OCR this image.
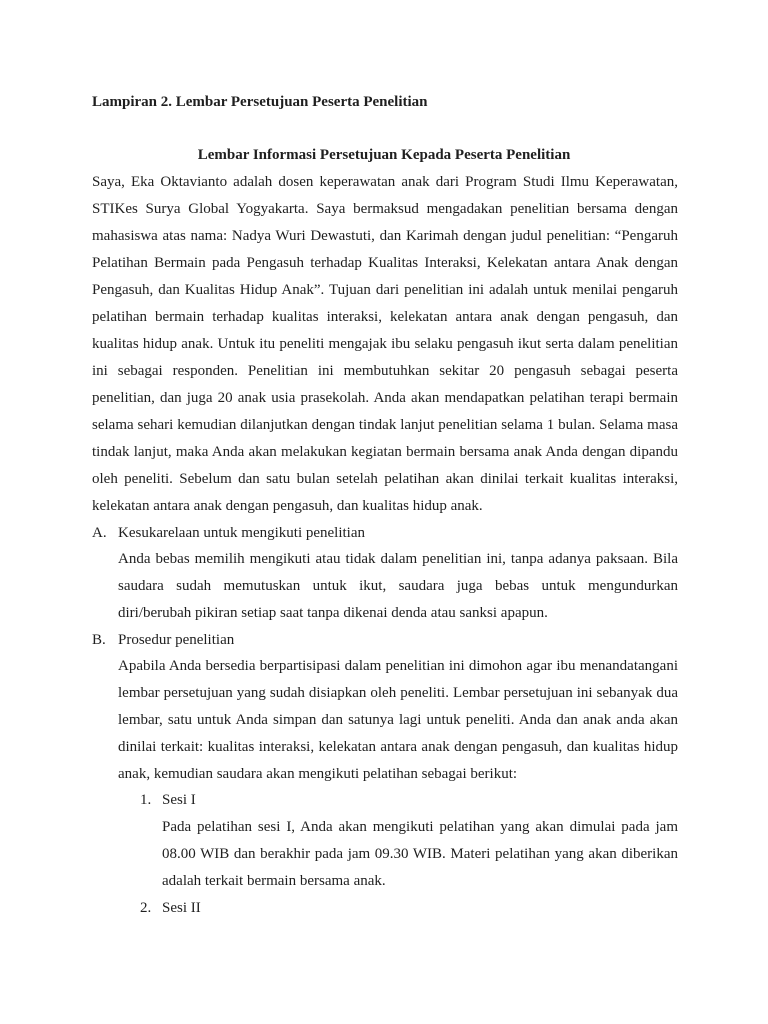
Lampiran 2. Lembar Persetujuan Peserta Penelitian
Lembar Informasi Persetujuan Kepada Peserta Penelitian
Saya, Eka Oktavianto adalah dosen keperawatan anak dari Program Studi Ilmu Keperawatan,
STIKes Surya Global Yogyakarta. Saya bermaksud mengadakan penelitian bersama dengan
mahasiswa atas nama: Nadya Wuri Dewastuti, dan Karimah dengan judul penelitian: “Pengaruh
Pelatihan Bermain pada Pengasuh terhadap Kualitas Interaksi, Kelekatan antara Anak dengan
Pengasuh, dan Kualitas Hidup Anak”. Tujuan dari penelitian ini adalah untuk menilai pengaruh
pelatihan bermain terhadap kualitas interaksi, kelekatan antara anak dengan pengasuh, dan
kualitas hidup anak. Untuk itu peneliti mengajak ibu selaku pengasuh ikut serta dalam penelitian
ini sebagai responden. Penelitian ini membutuhkan sekitar 20 pengasuh sebagai peserta
penelitian, dan juga 20 anak usia prasekolah. Anda akan mendapatkan pelatihan terapi bermain
selama sehari kemudian dilanjutkan dengan tindak lanjut penelitian selama 1 bulan. Selama masa
tindak lanjut, maka Anda akan melakukan kegiatan bermain bersama anak Anda dengan dipandu
oleh peneliti. Sebelum dan satu bulan setelah pelatihan akan dinilai terkait kualitas interaksi,
kelekatan antara anak dengan pengasuh, dan kualitas hidup anak.
A. Kesukarelaan untuk mengikuti penelitian
Anda bebas memilih mengikuti atau tidak dalam penelitian ini, tanpa adanya paksaan. Bila
saudara sudah memutuskan untuk ikut, saudara juga bebas untuk mengundurkan
diri/berubah pikiran setiap saat tanpa dikenai denda atau sanksi apapun.
B. Prosedur penelitian
Apabila Anda bersedia berpartisipasi dalam penelitian ini dimohon agar ibu menandatangani
lembar persetujuan yang sudah disiapkan oleh peneliti. Lembar persetujuan ini sebanyak dua
lembar, satu untuk Anda simpan dan satunya lagi untuk peneliti. Anda dan anak anda akan
dinilai terkait: kualitas interaksi, kelekatan antara anak dengan pengasuh, dan kualitas hidup
anak, kemudian saudara akan mengikuti pelatihan sebagai berikut:
1. Sesi I
Pada pelatihan sesi I, Anda akan mengikuti pelatihan yang akan dimulai pada jam
08.00 WIB dan berakhir pada jam 09.30 WIB. Materi pelatihan yang akan diberikan
adalah terkait bermain bersama anak.
2. Sesi II
